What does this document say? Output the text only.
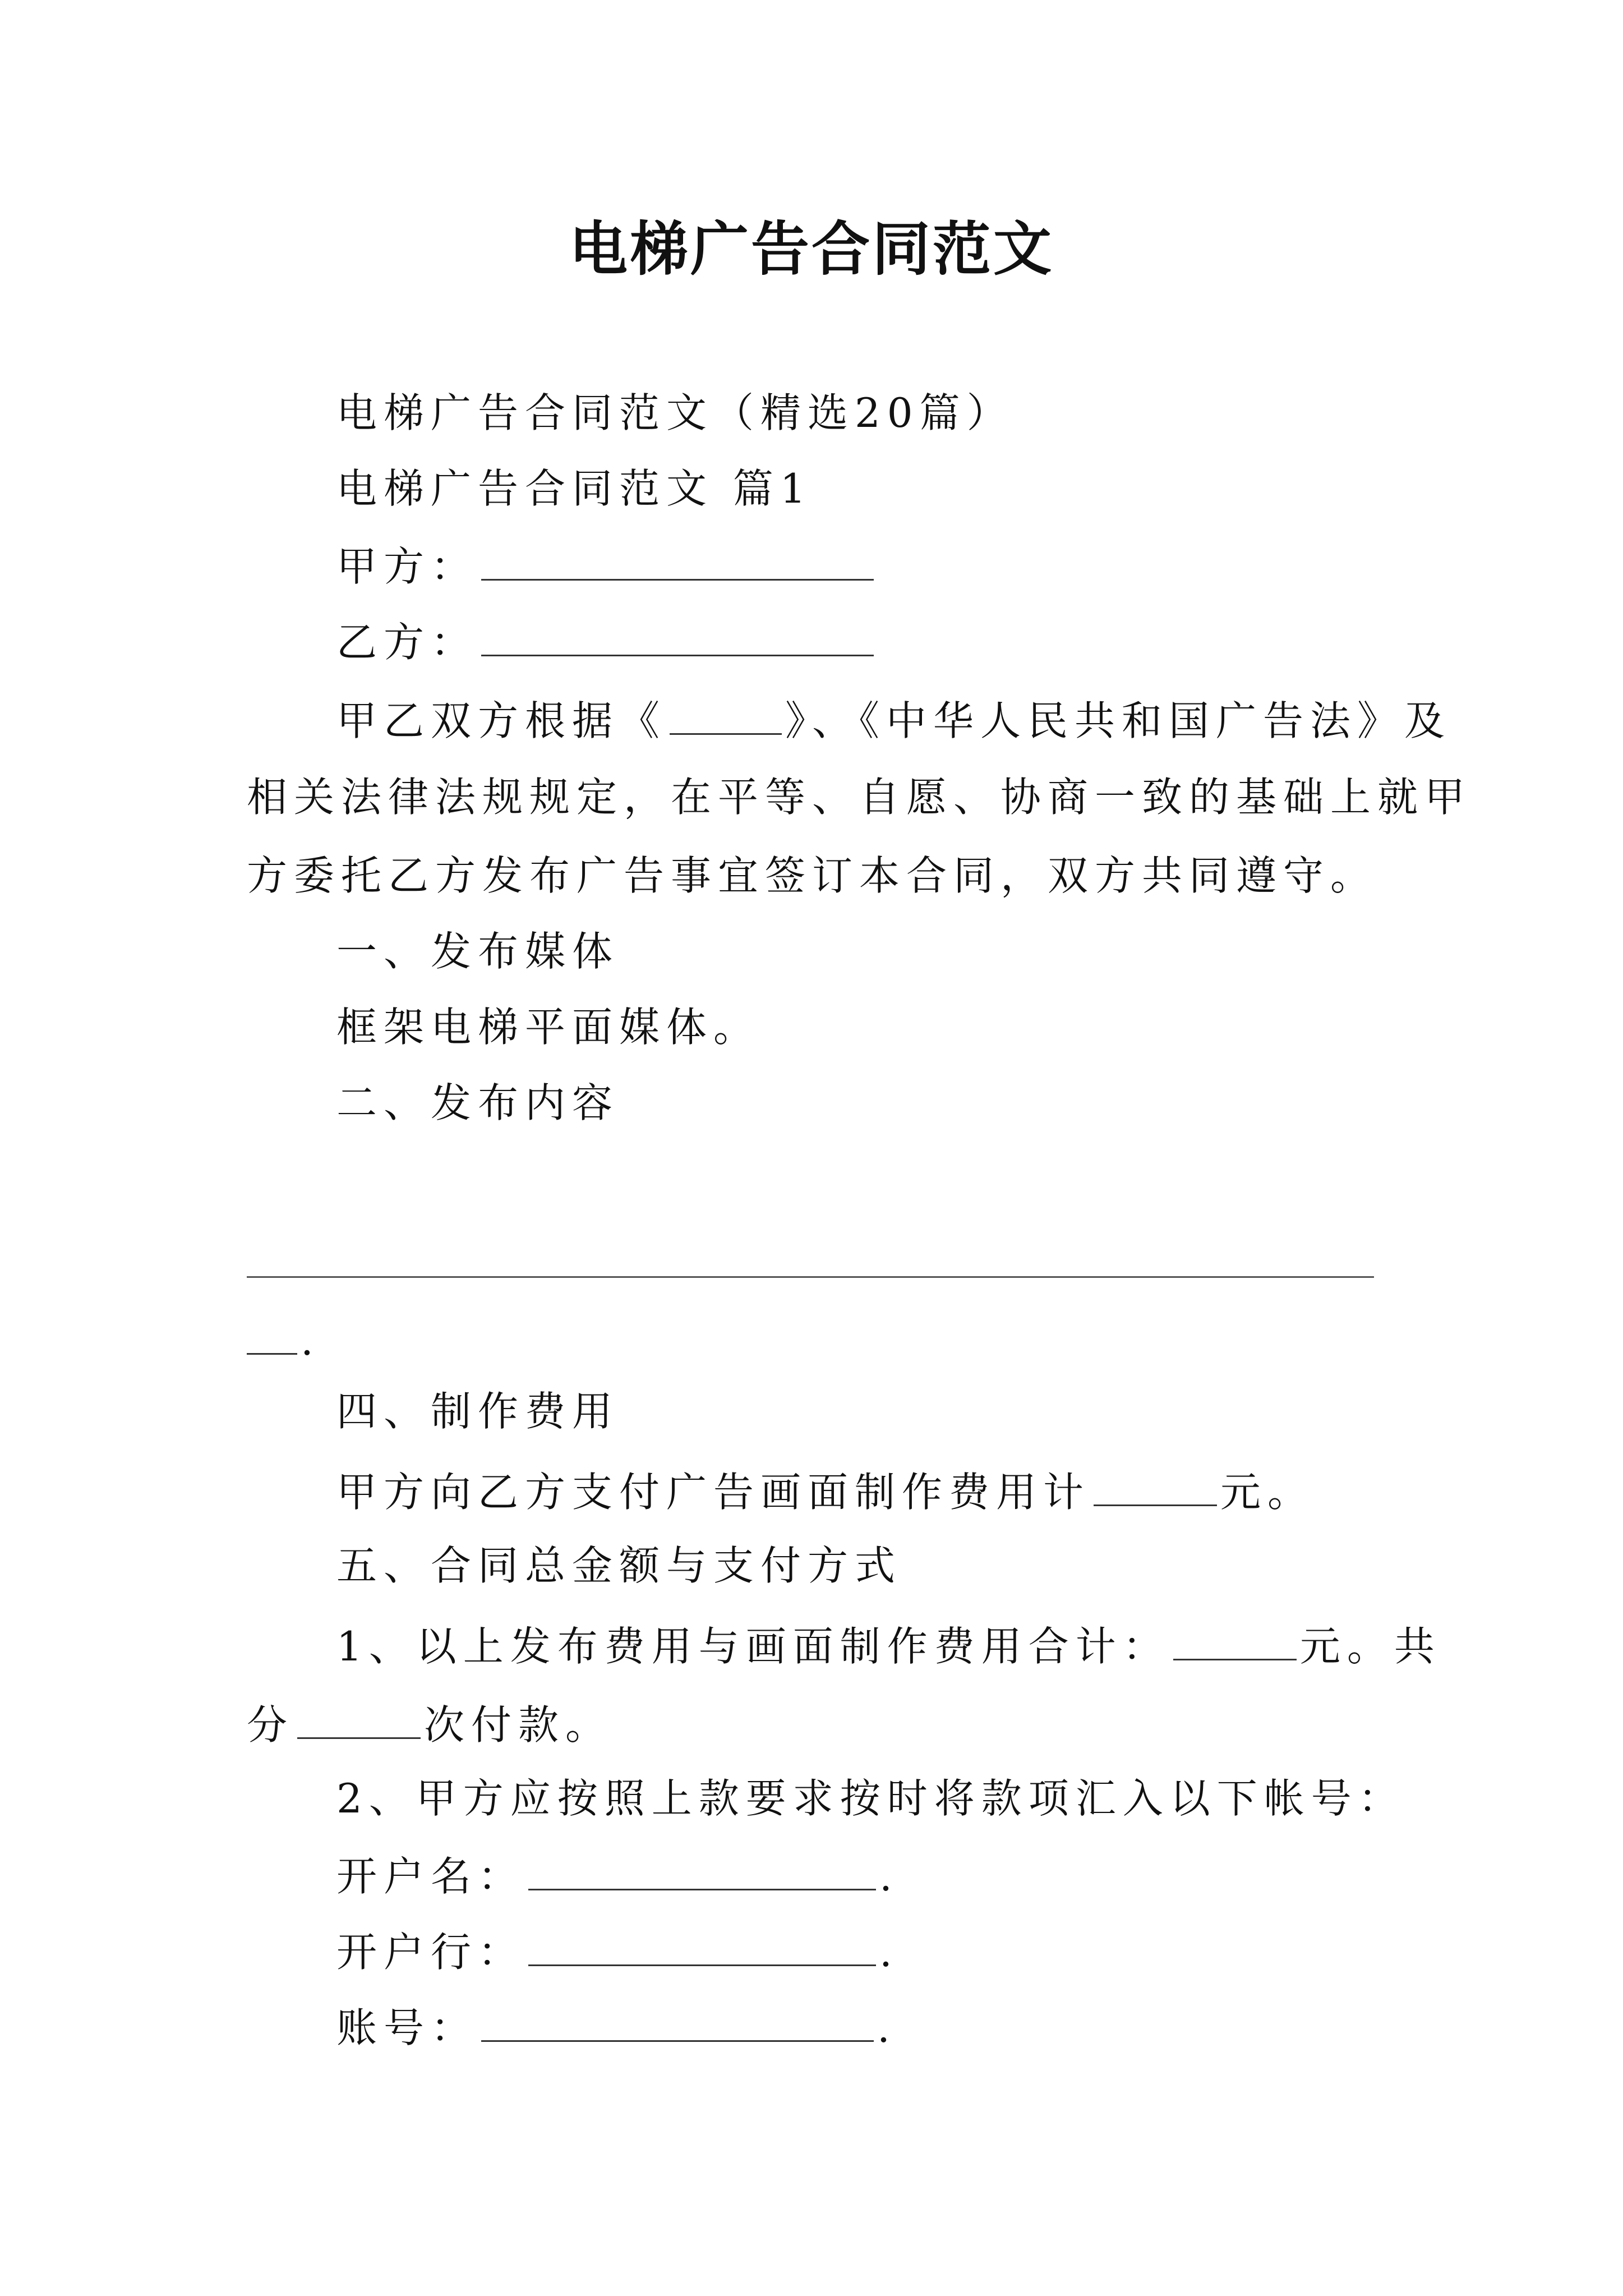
电梯广告合同范文
电梯广告合同范文（精选20篇）
电梯广告合同范文 篇1
甲方：
乙方：
甲乙双方根据《	》、《中华人民共和国广告法》及
相关法律法规规定，在平等、自愿、协商一致的基础上就甲
方委托乙方发布广告事宜签订本合同，双方共同遵守。
一、发布媒体
框架电梯平面媒体。
二、发布内容
.
四、制作费用
甲方向乙方支付广告画面制作费用计	元。
五、合同总金额与支付方式
1、以上发布费用与画面制作费用合计：	元。共
分	次付款。
2、甲方应按照上款要求按时将款项汇入以下帐号：
开户名：	.
开户行：	.
账号：	.
